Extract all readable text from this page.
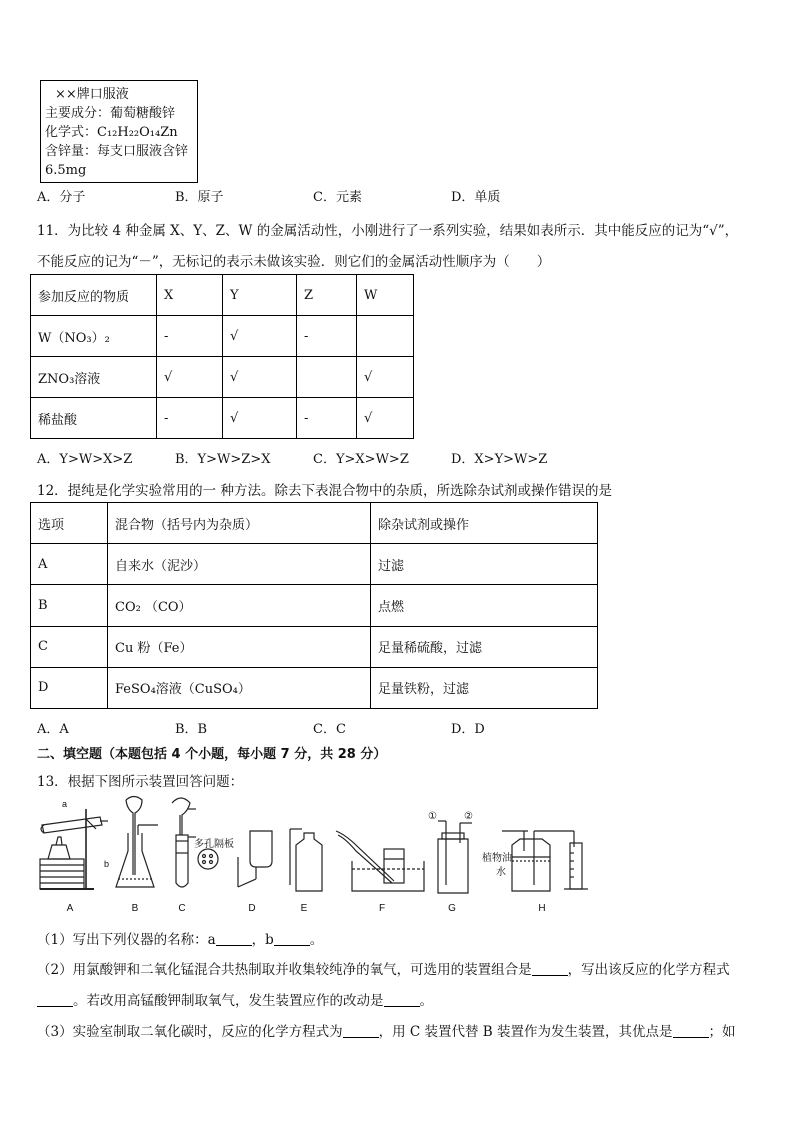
××牌口服液
主要成分：葡萄糖酸锌
化学式：C₁₂H₂₂O₁₄Zn
含锌量：每支口服液含锌
6.5mg
A．分子	B．原子	C．元素	D．单质
11．为比较 4 种金属 X、Y、Z、W 的金属活动性，小刚进行了一系列实验，结果如表所示．其中能反应的记为“√”，
不能反应的记为“－”，无标记的表示未做该实验．则它们的金属活动性顺序为（　　）
参加反应的物质	X	Y	Z	W
W（NO₃）₂	-	√	-	
ZNO₃溶液	√	√		√
稀盐酸	-	√	-	√
A．Y>W>X>Z	B．Y>W>Z>X	C．Y>X>W>Z	D．X>Y>W>Z
12．提纯是化学实验常用的一 种方法。除去下表混合物中的杂质，所选除杂试剂或操作错误的是
选项	混合物（括号内为杂质）	除杂试剂或操作
A	自来水（泥沙）	过滤
B	CO₂ （CO）	点燃
C	Cu 粉（Fe）	足量稀硫酸，过滤
D	FeSO₄溶液（CuSO₄）	足量铁粉，过滤
A．A	B．B	C．C	D．D
二、填空题（本题包括 4 个小题，每小题 7 分，共 28 分）
13．根据下图所示装置回答问题：
a
b
多孔隔板
①	②
植物油
水
A	B	C	D	E	F	G	H
（1）写出下列仪器的名称：a	，b	。
（2）用氯酸钾和二氧化锰混合共热制取并收集较纯净的氧气，可选用的装置组合是	，写出该反应的化学方程式
。若改用高锰酸钾制取氧气，发生装置应作的改动是	。
（3）实验室制取二氧化碳时，反应的化学方程式为	，用 C 装置代替 B 装置作为发生装置，其优点是	；如
